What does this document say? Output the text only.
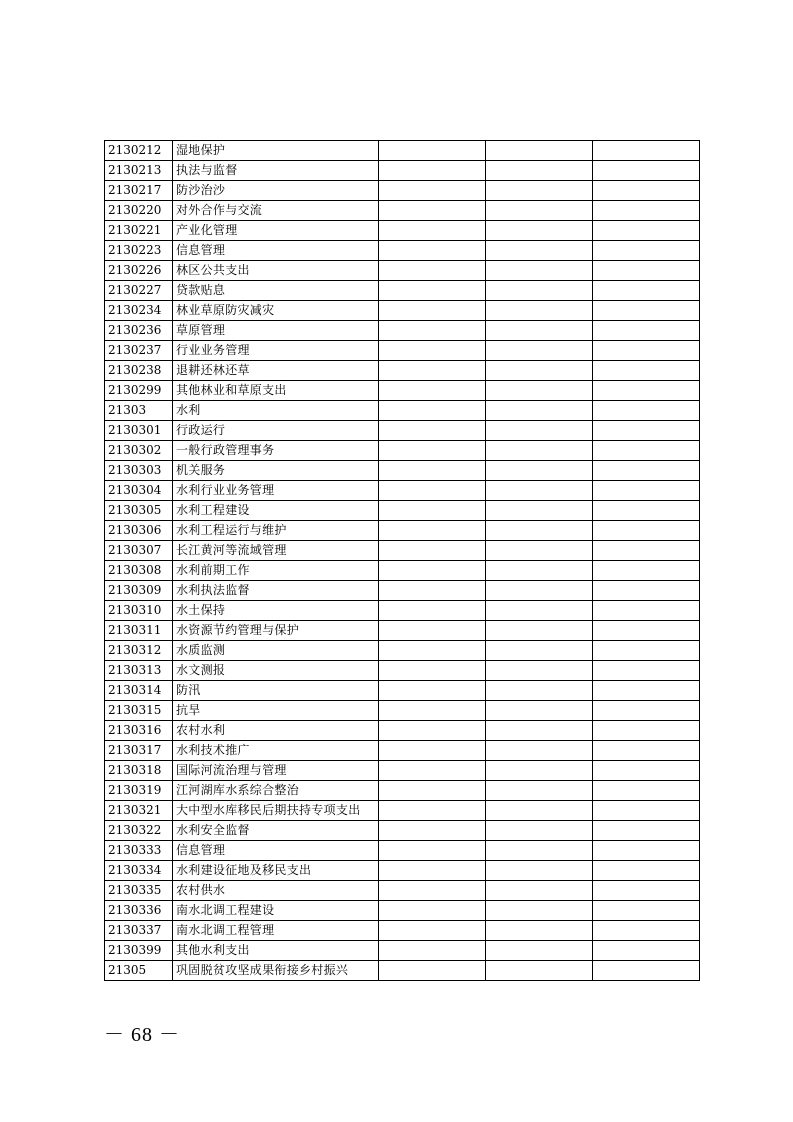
2130212	湿地保护			
2130213	执法与监督			
2130217	防沙治沙			
2130220	对外合作与交流			
2130221	产业化管理			
2130223	信息管理			
2130226	林区公共支出			
2130227	贷款贴息			
2130234	林业草原防灾减灾			
2130236	草原管理			
2130237	行业业务管理			
2130238	退耕还林还草			
2130299	其他林业和草原支出			
21303	水利			
2130301	行政运行			
2130302	一般行政管理事务			
2130303	机关服务			
2130304	水利行业业务管理			
2130305	水利工程建设			
2130306	水利工程运行与维护			
2130307	长江黄河等流域管理			
2130308	水利前期工作			
2130309	水利执法监督			
2130310	水土保持			
2130311	水资源节约管理与保护			
2130312	水质监测			
2130313	水文测报			
2130314	防汛			
2130315	抗旱			
2130316	农村水利			
2130317	水利技术推广			
2130318	国际河流治理与管理			
2130319	江河湖库水系综合整治			
2130321	大中型水库移民后期扶持专项支出			
2130322	水利安全监督			
2130333	信息管理			
2130334	水利建设征地及移民支出			
2130335	农村供水			
2130336	南水北调工程建设			
2130337	南水北调工程管理			
2130399	其他水利支出			
21305	巩固脱贫攻坚成果衔接乡村振兴			
－ 68 －
